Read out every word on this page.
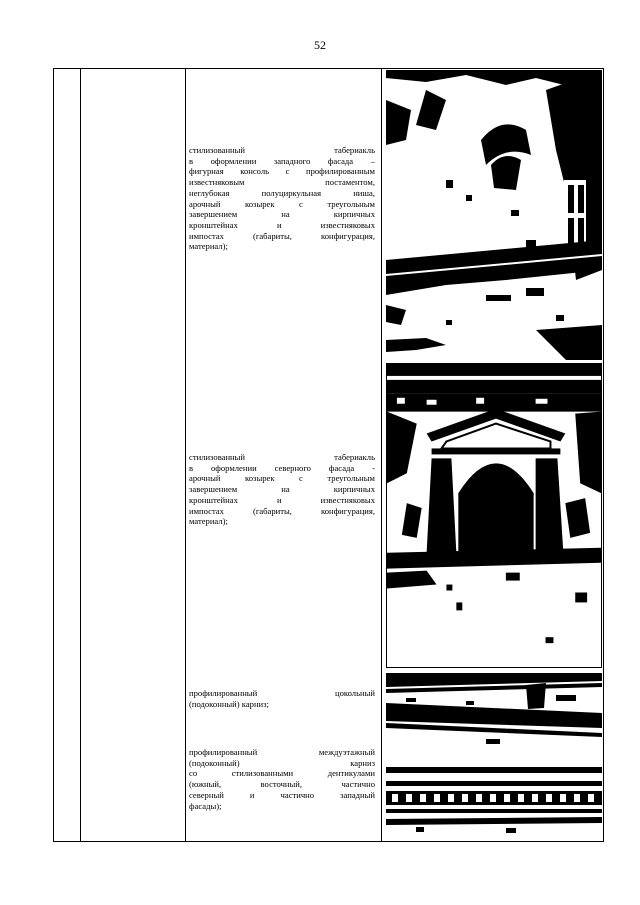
52
стилизованный табериакль
в оформлении западного фасада –
фигурная консоль с профилированным
известняковым постаментом,
неглубокая полуциркульная ниша,
арочный козырек с треугольным
завершением на кирпичных
кронштейнах и известняковых
импостах (габариты, конфигурация,
материал);
стилизованный табериакль
в оформлении северного фасада -
арочный козырек с треугольным
завершением на кирпичных
кронштейнах и известняковых
импостах (габариты, конфигурация,
материал);
профилированный цокольный
(подоконный) карниз;
профилированный междуэтажный
(подоконный) карниз
со стилизованными дентикулами
(южный, восточный, частично
северный и частично западный
фасады);
